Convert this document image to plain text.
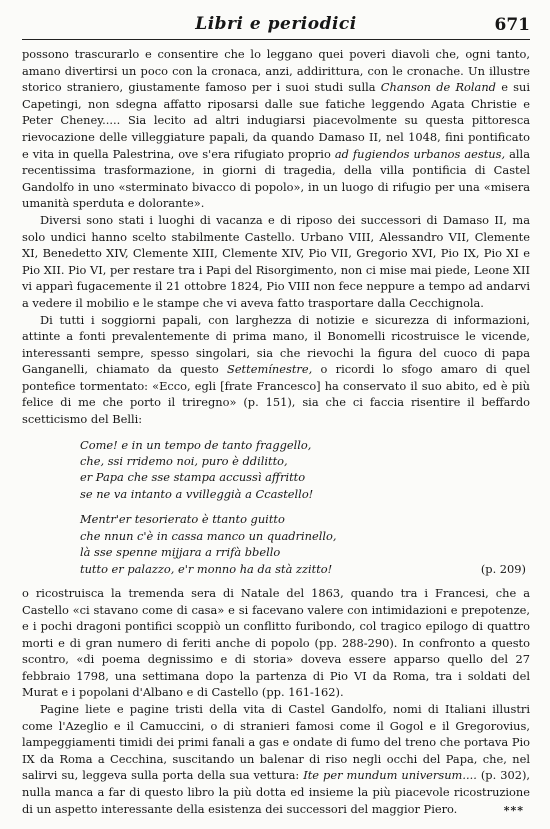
Libri e periodici	671

possono trascurarlo e consentire che lo leggano quei poveri diavoli che, ogni tanto, amano divertirsi un poco con la cronaca, anzi, addirittura, con le cronache. Un illustre storico straniero, giustamente famoso per i suoi studi sulla Chanson de Roland e sui Capetingi, non sdegna affatto riposarsi dalle sue fatiche leggendo Agata Christie e Peter Cheney..... Sia lecito ad altri indugiarsi piacevolmente su questa pittoresca rievocazione delle villeggiature papali, da quando Damaso II, nel 1048, fini pontificato e vita in quella Palestrina, ove s'era rifugiato proprio ad fugiendos urbanos aestus, alla recentissima trasformazione, in giorni di tragedia, della villa pontificia di Castel Gandolfo in uno «sterminato bivacco di popolo», in un luogo di rifugio per una «misera umanità sperduta e dolorante».

Diversi sono stati i luoghi di vacanza e di riposo dei successori di Damaso II, ma solo undici hanno scelto stabilmente Castello. Urbano VIII, Alessandro VII, Clemente XI, Benedetto XIV, Clemente XIII, Clemente XIV, Pio VII, Gregorio XVI, Pio IX, Pio XI e Pio XII. Pio VI, per restare tra i Papi del Risorgimento, non ci mise mai piede, Leone XII vi apparì fugacemente il 21 ottobre 1824, Pio VIII non fece neppure a tempo ad andarvi a vedere il mobilio e le stampe che vi aveva fatto trasportare dalla Cecchignola.

Di tutti i soggiorni papali, con larghezza di notizie e sicurezza di informazioni, attinte a fonti prevalentemente di prima mano, il Bonomelli ricostruisce le vicende, interessanti sempre, spesso singolari, sia che rievochi la figura del cuoco di papa Ganganelli, chiamato da questo Settemínestre, o ricordi lo sfogo amaro di quel pontefice tormentato: «Ecco, egli [frate Francesco] ha conservato il suo abito, ed è più felice di me che porto il triregno» (p. 151), sia che ci faccia risentire il beffardo scetticismo del Belli:

Come! e in un tempo de tanto fraggello,
che, ssi rridemo noi, puro è ddilitto,
er Papa che sse stampa accussì affritto
se ne va intanto a vvilleggià a Ccastello!
Mentr'er tesorierato è ttanto guitto
che nnun c'è in cassa manco un quadrinello,
là sse spenne mijjara a rrifà bbello
tutto er palazzo, e'r monno ha da stà zzitto!	(p. 209)

o ricostruisca la tremenda sera di Natale del 1863, quando tra i Francesi, che a Castello «ci stavano come di casa» e si facevano valere con intimidazioni e prepotenze, e i pochi dragoni pontifici scoppiò un conflitto furibondo, col tragico epilogo di quattro morti e di gran numero di feriti anche di popolo (pp. 288-290). In confronto a questo scontro, «di poema degnissimo e di storia» doveva essere apparso quello del 27 febbraio 1798, una settimana dopo la partenza di Pio VI da Roma, tra i soldati del Murat e i popolani d'Albano e di Castello (pp. 161-162).

Pagine liete e pagine tristi della vita di Castel Gandolfo, nomi di Italiani illustri come l'Azeglio e il Camuccini, o di stranieri famosi come il Gogol e il Gregorovius, lampeggiamenti timidi dei primi fanali a gas e ondate di fumo del treno che portava Pio IX da Roma a Cecchina, suscitando un balenar di riso negli occhi del Papa, che, nel salirvi su, leggeva sulla porta della sua vettura: Ite per mundum universum.... (p. 302), nulla manca a far di questo libro la più dotta ed insieme la più piacevole ricostruzione di un aspetto interessante della esistenza dei successori del maggior Piero.	***
